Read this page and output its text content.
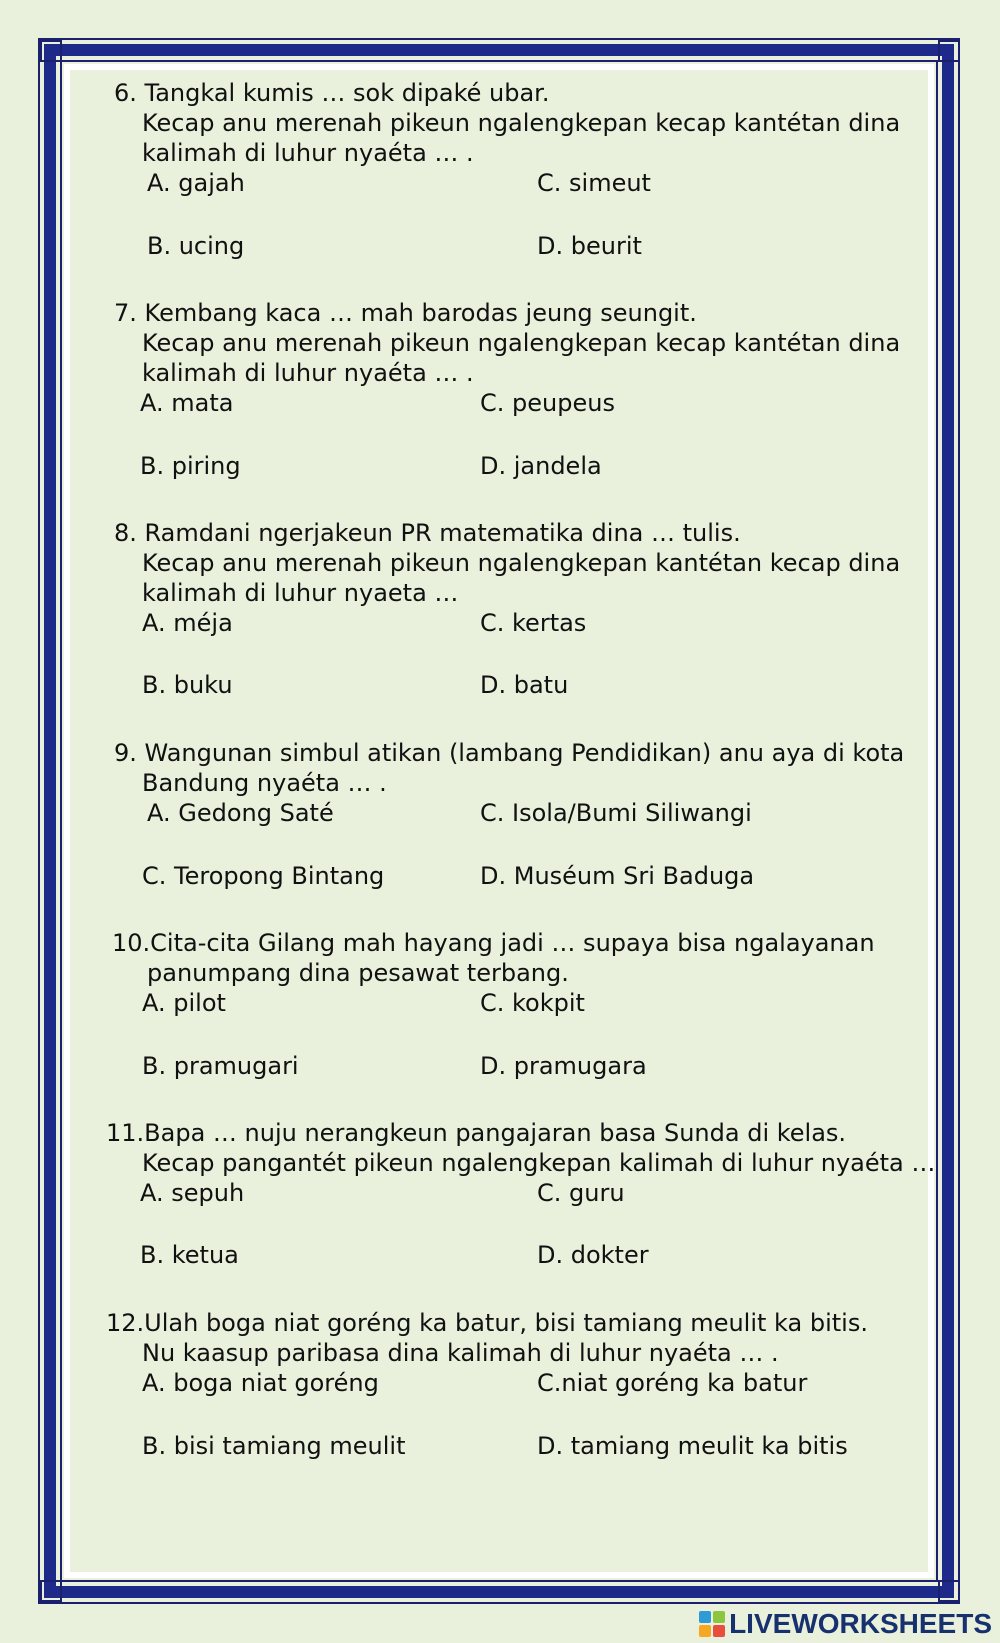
6. Tangkal kumis … sok dipaké ubar.
Kecap anu merenah pikeun ngalengkepan kecap kantétan dina
kalimah di luhur nyaéta … .
A. gajah	C. simeut
B. ucing	D. beurit
7. Kembang kaca … mah barodas jeung seungit.
Kecap anu merenah pikeun ngalengkepan kecap kantétan dina
kalimah di luhur nyaéta … .
A. mata	C. peupeus
B. piring	D. jandela
8. Ramdani ngerjakeun PR matematika dina … tulis.
Kecap anu merenah pikeun ngalengkepan kantétan kecap dina
kalimah di luhur nyaeta …
A. méja	C. kertas
B. buku	D. batu
9. Wangunan simbul atikan (lambang Pendidikan) anu aya di kota
Bandung nyaéta … .
A. Gedong Saté	C. Isola/Bumi Siliwangi
C. Teropong Bintang	D. Muséum Sri Baduga
10.Cita-cita Gilang mah hayang jadi … supaya bisa ngalayanan
panumpang dina pesawat terbang.
A. pilot	C. kokpit
B. pramugari	D. pramugara
11.Bapa … nuju nerangkeun pangajaran basa Sunda di kelas.
Kecap pangantét pikeun ngalengkepan kalimah di luhur nyaéta …
A. sepuh	C. guru
B. ketua	D. dokter
12.Ulah boga niat goréng ka batur, bisi tamiang meulit ka bitis.
Nu kaasup paribasa dina kalimah di luhur nyaéta … .
A. boga niat goréng	C.niat goréng ka batur
B. bisi tamiang meulit	D. tamiang meulit ka bitis
LIVEWORKSHEETS
